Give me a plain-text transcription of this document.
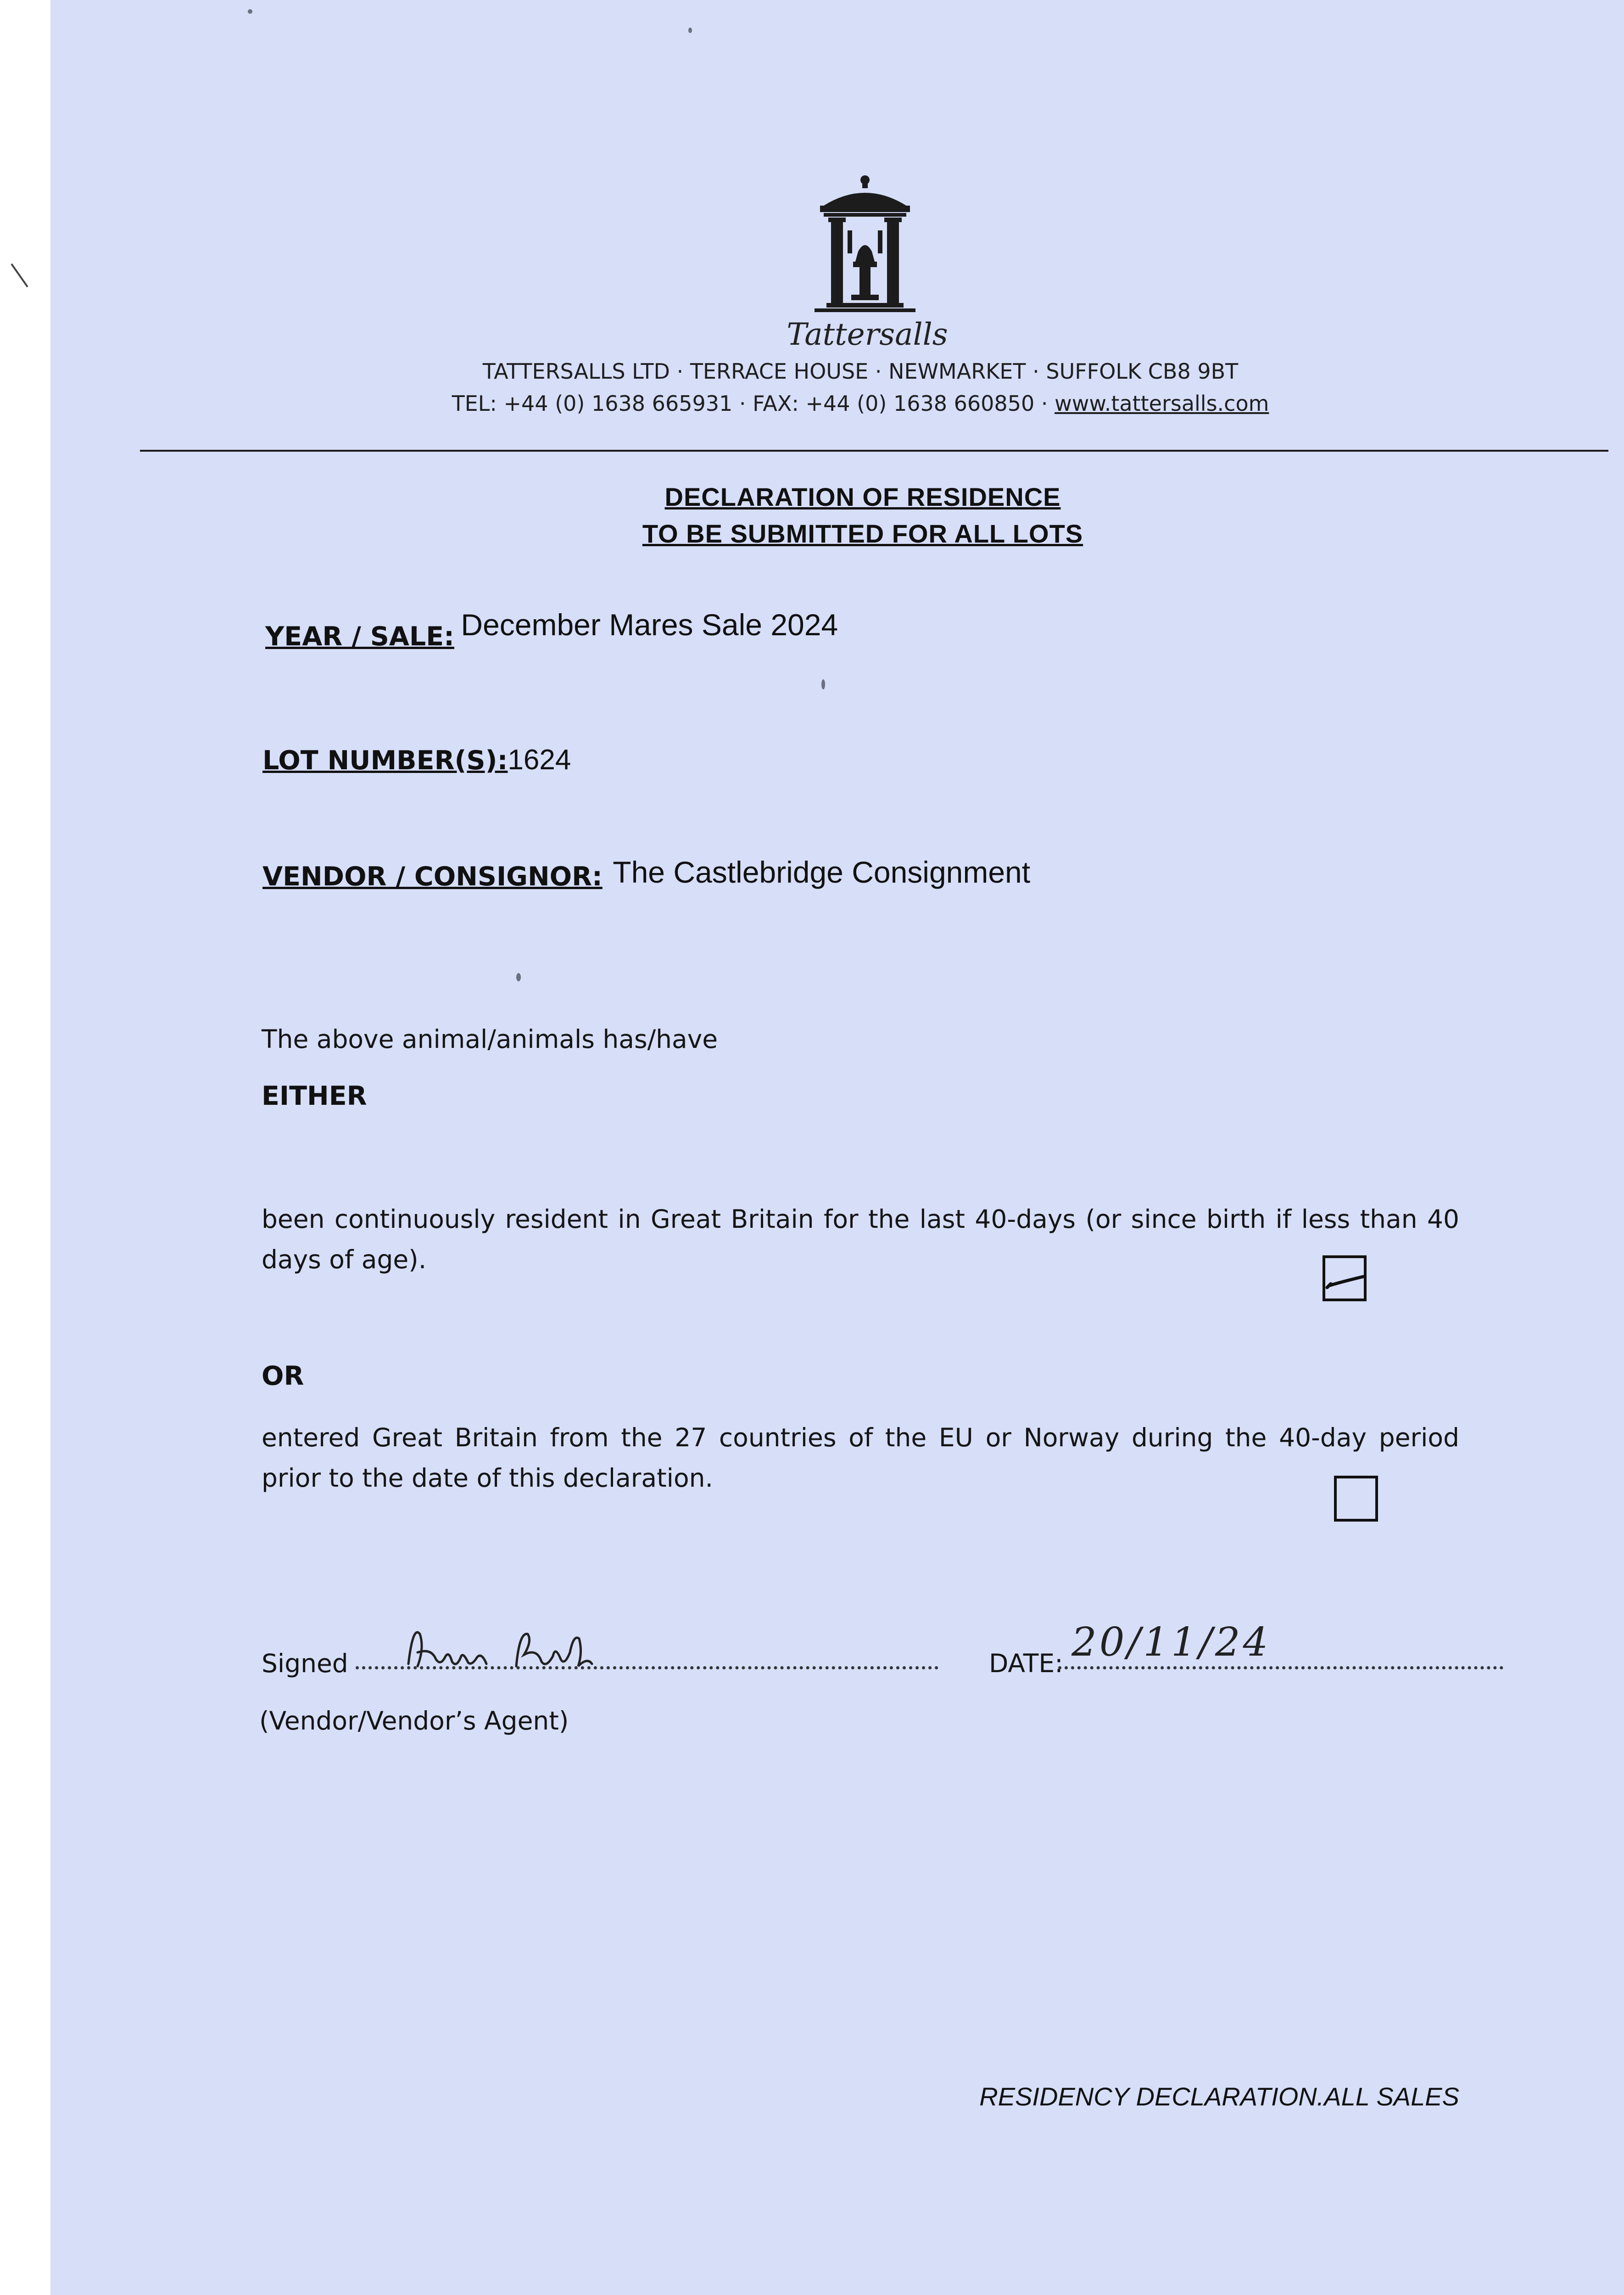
Tattersalls
TATTERSALLS LTD · TERRACE HOUSE · NEWMARKET · SUFFOLK CB8 9BT
TEL: +44 (0) 1638 665931 · FAX: +44 (0) 1638 660850 · www.tattersalls.com
DECLARATION OF RESIDENCE
TO BE SUBMITTED FOR ALL LOTS
YEAR / SALE: December Mares Sale 2024
LOT NUMBER(S):1624
VENDOR / CONSIGNOR: The Castlebridge Consignment
The above animal/animals has/have
EITHER
been continuously resident in Great Britain for the last 40-days (or since birth if less than 40 days of age).
OR
entered Great Britain from the 27 countries of the EU or Norway during the 40-day period prior to the date of this declaration.
Signed	DATE: 20/11/24
(Vendor/Vendor’s Agent)
RESIDENCY DECLARATION.ALL SALES
